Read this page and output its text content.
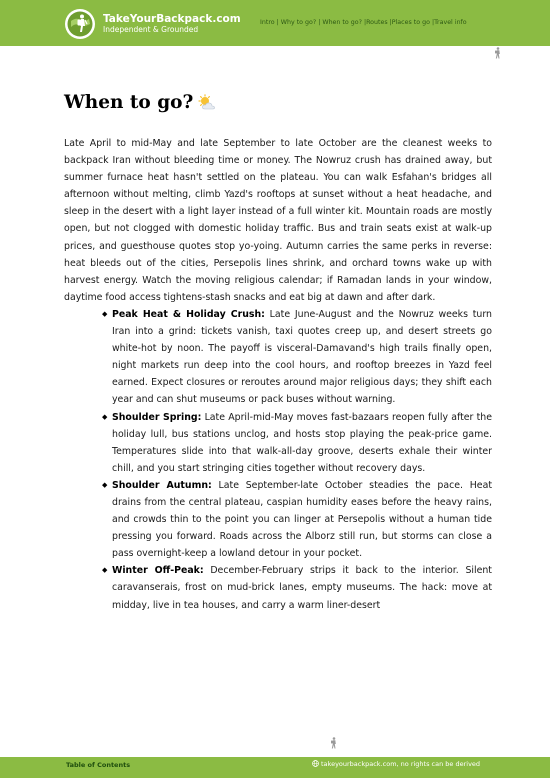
TakeYourBackpack.com
Independent & Grounded
Intro | Why to go? | When to go? |Routes |Places to go |Travel info
When to go?

Late April to mid-May and late September to late October are the cleanest weeks to backpack Iran without bleeding time or money. The Nowruz crush has drained away, but summer furnace heat hasn't settled on the plateau. You can walk Esfahan's bridges all afternoon without melting, climb Yazd's rooftops at sunset without a heat headache, and sleep in the desert with a light layer instead of a full winter kit. Mountain roads are mostly open, but not clogged with domestic holiday traffic. Bus and train seats exist at walk-up prices, and guesthouse quotes stop yo-yoing. Autumn carries the same perks in reverse: heat bleeds out of the cities, Persepolis lines shrink, and orchard towns wake up with harvest energy. Watch the moving religious calendar; if Ramadan lands in your window, daytime food access tightens-stash snacks and eat big at dawn and after dark.

◆ Peak Heat & Holiday Crush: Late June-August and the Nowruz weeks turn Iran into a grind: tickets vanish, taxi quotes creep up, and desert streets go white-hot by noon. The payoff is visceral-Damavand's high trails finally open, night markets run deep into the cool hours, and rooftop breezes in Yazd feel earned. Expect closures or reroutes around major religious days; they shift each year and can shut museums or pack buses without warning.
◆ Shoulder Spring: Late April-mid-May moves fast-bazaars reopen fully after the holiday lull, bus stations unclog, and hosts stop playing the peak-price game. Temperatures slide into that walk-all-day groove, deserts exhale their winter chill, and you start stringing cities together without recovery days.
◆ Shoulder Autumn: Late September-late October steadies the pace. Heat drains from the central plateau, caspian humidity eases before the heavy rains, and crowds thin to the point you can linger at Persepolis without a human tide pressing you forward. Roads across the Alborz still run, but storms can close a pass overnight-keep a lowland detour in your pocket.
◆ Winter Off-Peak: December-February strips it back to the interior. Silent caravanserais, frost on mud-brick lanes, empty museums. The hack: move at midday, live in tea houses, and carry a warm liner-desert
Table of Contents	takeyourbackpack.com, no rights can be derived
